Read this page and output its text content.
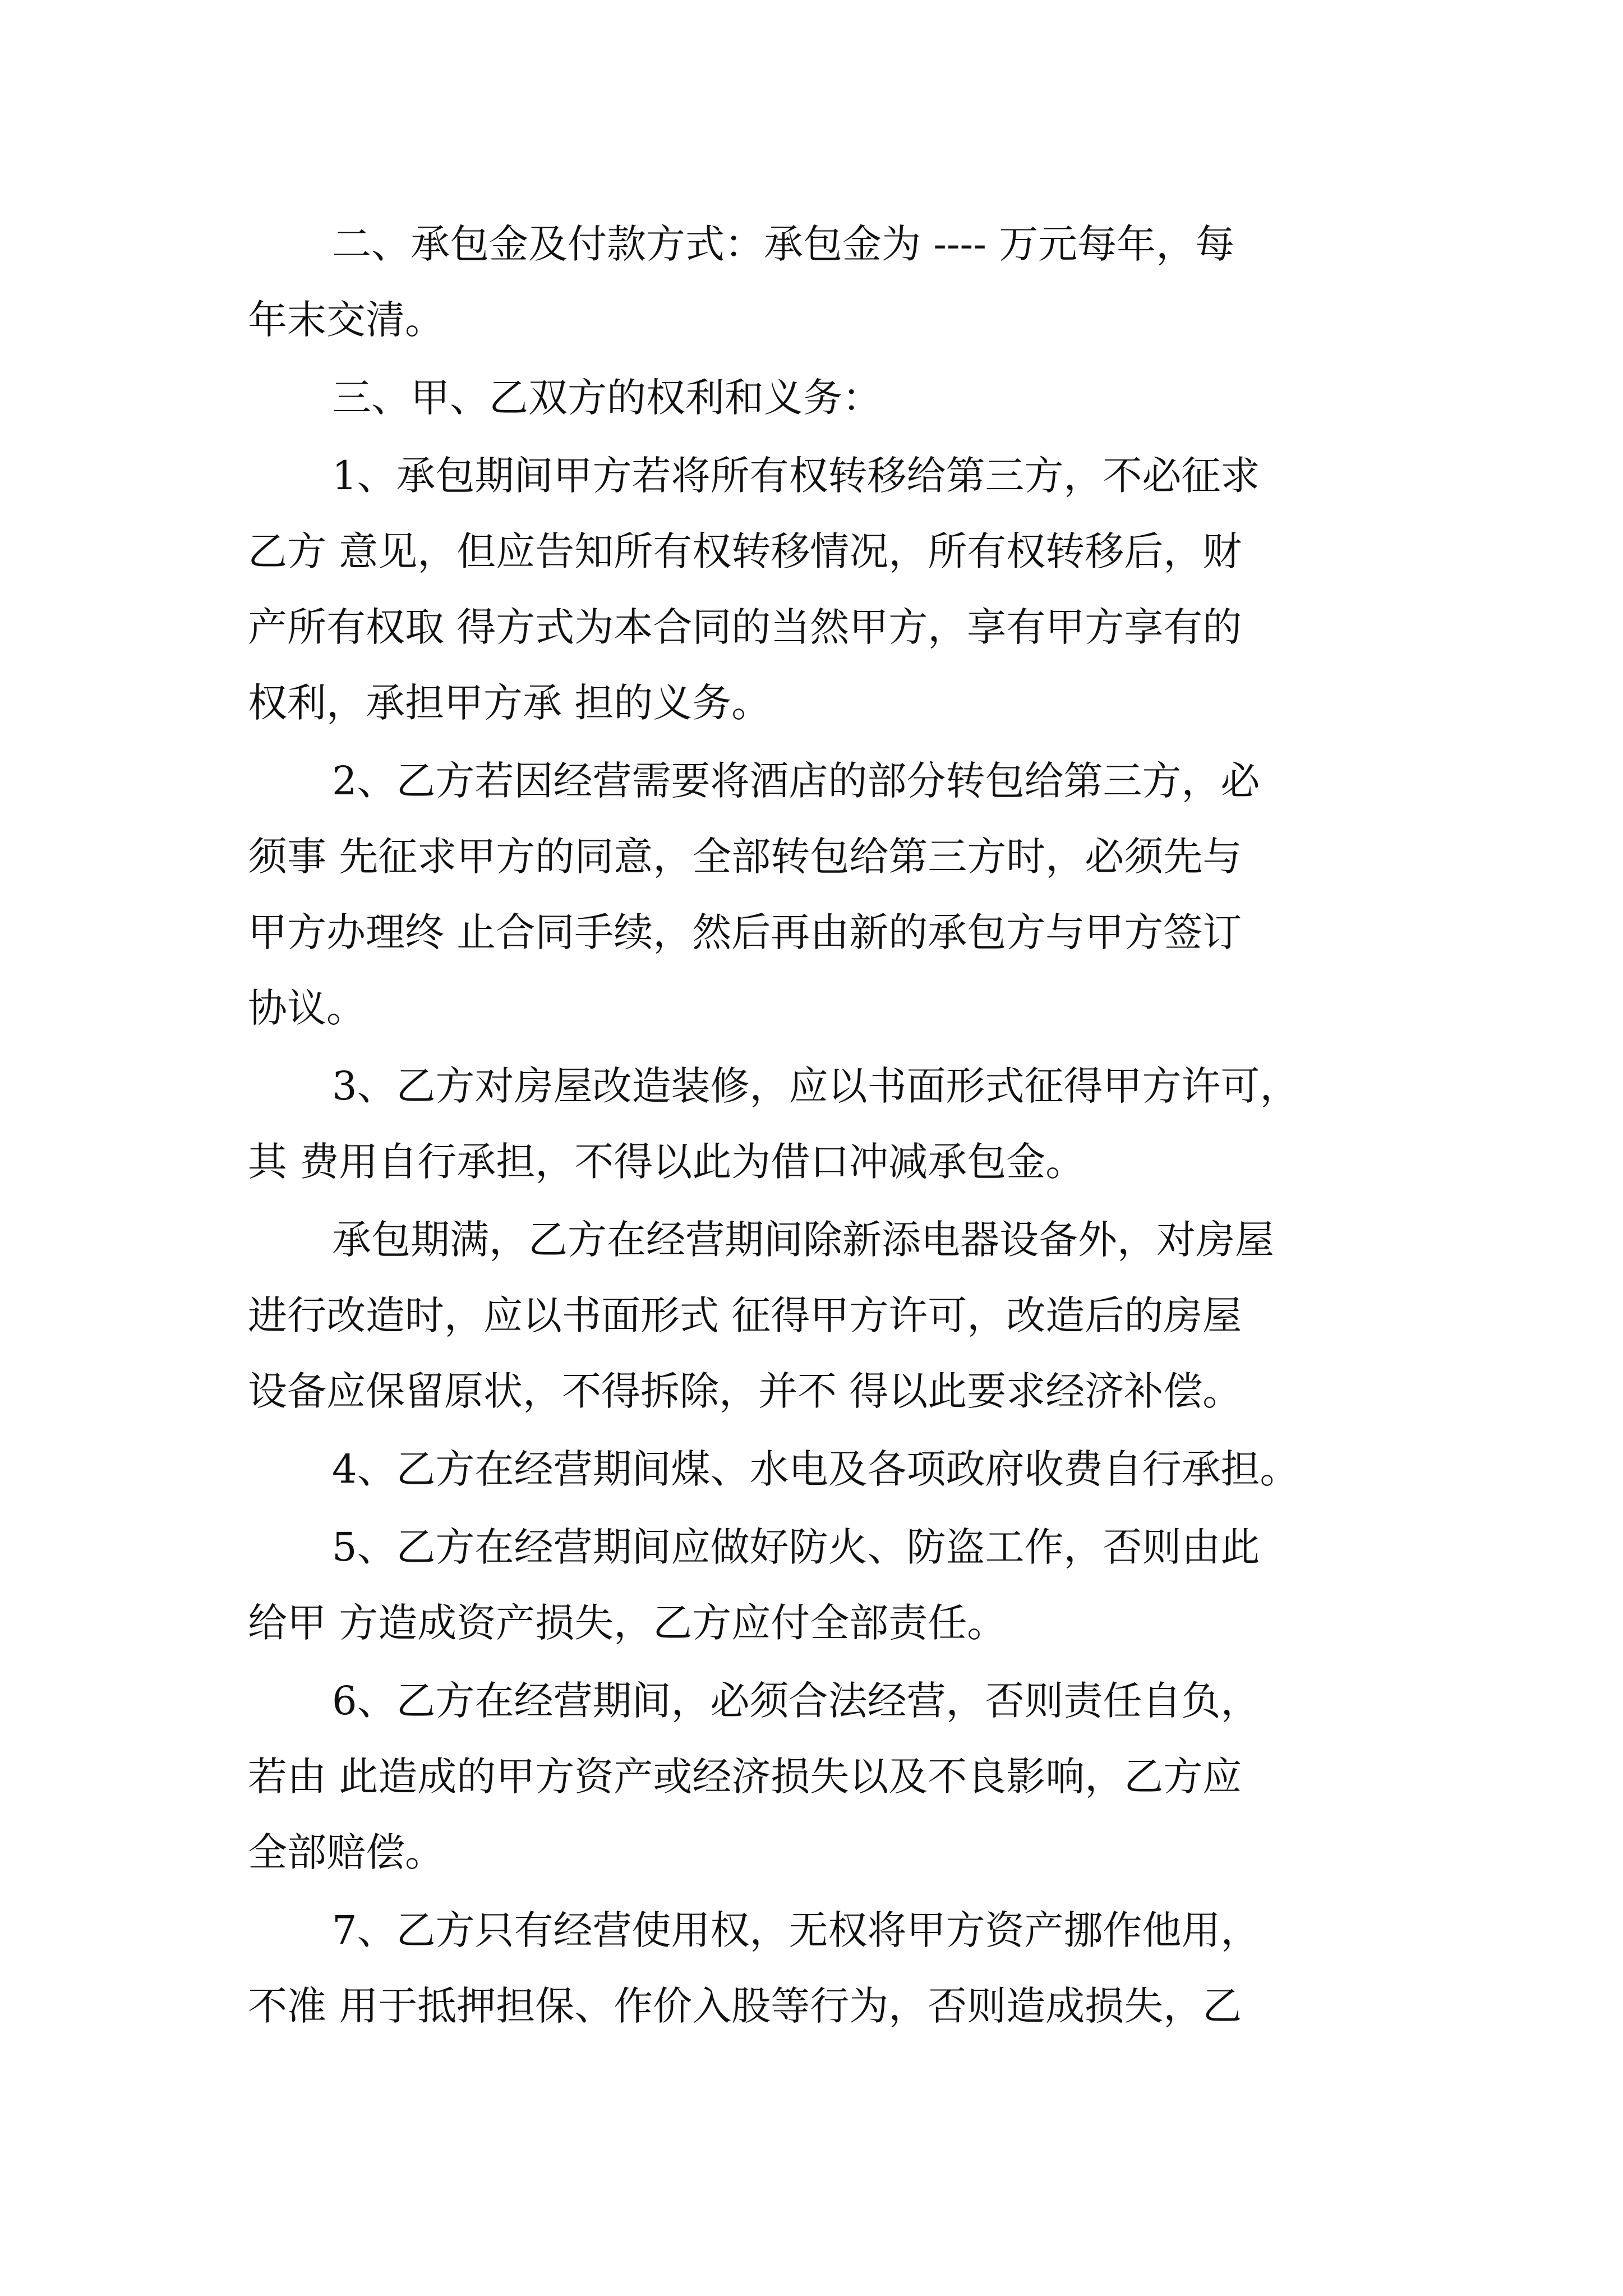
二、承包金及付款方式：承包金为 ---- 万元每年，每

年末交清。

三、甲、乙双方的权利和义务：

1、承包期间甲方若将所有权转移给第三方，不必征求

乙方 意见，但应告知所有权转移情况，所有权转移后，财

产所有权取 得方式为本合同的当然甲方，享有甲方享有的

权利，承担甲方承 担的义务。

2、乙方若因经营需要将酒店的部分转包给第三方，必

须事 先征求甲方的同意，全部转包给第三方时，必须先与

甲方办理终 止合同手续，然后再由新的承包方与甲方签订

协议。

3、乙方对房屋改造装修，应以书面形式征得甲方许可，

其 费用自行承担，不得以此为借口冲减承包金。

承包期满，乙方在经营期间除新添电器设备外，对房屋

进行改造时，应以书面形式 征得甲方许可，改造后的房屋

设备应保留原状，不得拆除，并不 得以此要求经济补偿。

4、乙方在经营期间煤、水电及各项政府收费自行承担。

5、乙方在经营期间应做好防火、防盗工作，否则由此

给甲 方造成资产损失，乙方应付全部责任。

6、乙方在经营期间，必须合法经营，否则责任自负，

若由 此造成的甲方资产或经济损失以及不良影响，乙方应

全部赔偿。

7、乙方只有经营使用权，无权将甲方资产挪作他用，

不准 用于抵押担保、作价入股等行为，否则造成损失，乙
